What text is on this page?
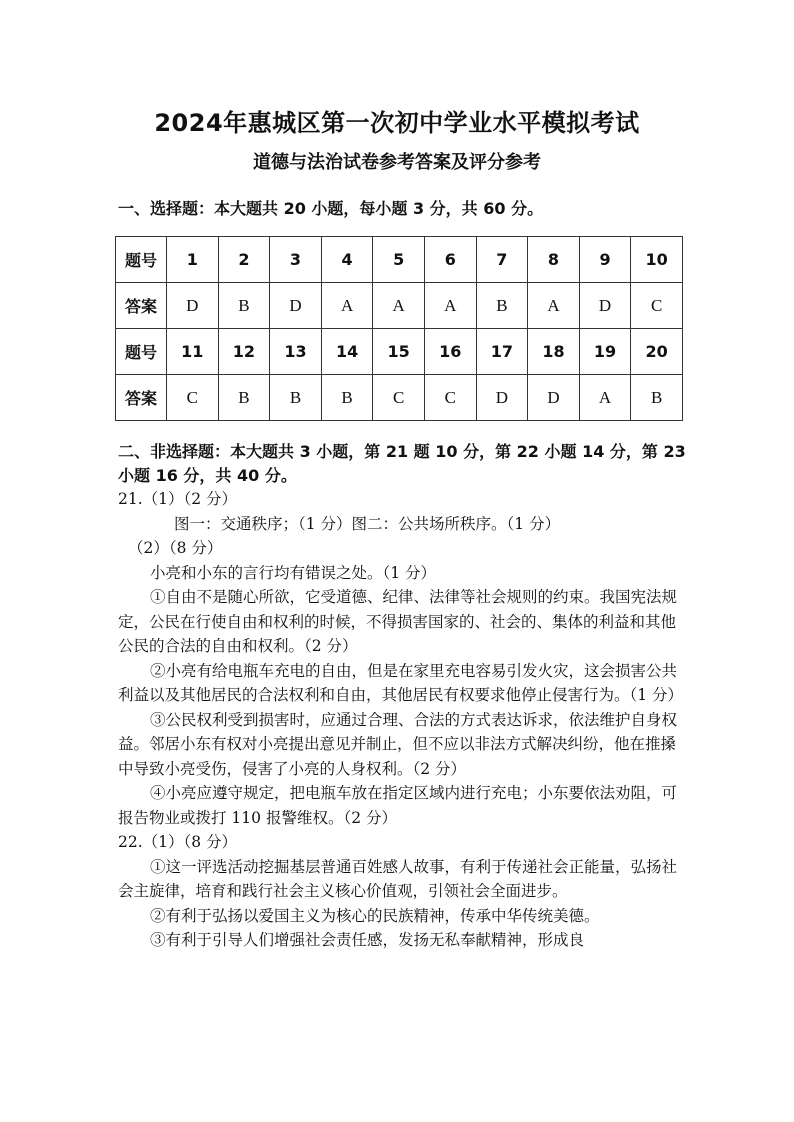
2024年惠城区第一次初中学业水平模拟考试
道德与法治试卷参考答案及评分参考
一、选择题：本大题共 20 小题，每小题 3 分，共 60 分。
题号	1	2	3	4	5	6	7	8	9	10
答案	D	B	D	A	A	A	B	A	D	C
题号	11	12	13	14	15	16	17	18	19	20
答案	C	B	B	B	C	C	D	D	A	B
二、非选择题：本大题共 3 小题，第 21 题 10 分，第 22 小题 14 分，第 23 小题 16 分，共 40 分。

21.（1）（2 分）

图一：交通秩序；（1 分）图二：公共场所秩序。（1 分）

（2）（8 分）

小亮和小东的言行均有错误之处。（1 分）

①自由不是随心所欲，它受道德、纪律、法律等社会规则的约束。我国宪法规定，公民在行使自由和权利的时候，不得损害国家的、社会的、集体的利益和其他公民的合法的自由和权利。（2 分）

②小亮有给电瓶车充电的自由，但是在家里充电容易引发火灾，这会损害公共利益以及其他居民的合法权利和自由，其他居民有权要求他停止侵害行为。（1 分）

③公民权利受到损害时，应通过合理、合法的方式表达诉求，依法维护自身权益。邻居小东有权对小亮提出意见并制止，但不应以非法方式解决纠纷，他在推搡中导致小亮受伤，侵害了小亮的人身权利。（2 分）

④小亮应遵守规定，把电瓶车放在指定区域内进行充电；小东要依法劝阻，可报告物业或拨打 110 报警维权。（2 分）

22.（1）（8 分）

①这一评选活动挖掘基层普通百姓感人故事，有利于传递社会正能量，弘扬社会主旋律，培育和践行社会主义核心价值观，引领社会全面进步。

②有利于弘扬以爱国主义为核心的民族精神，传承中华传统美德。

③有利于引导人们增强社会责任感，发扬无私奉献精神，形成良
